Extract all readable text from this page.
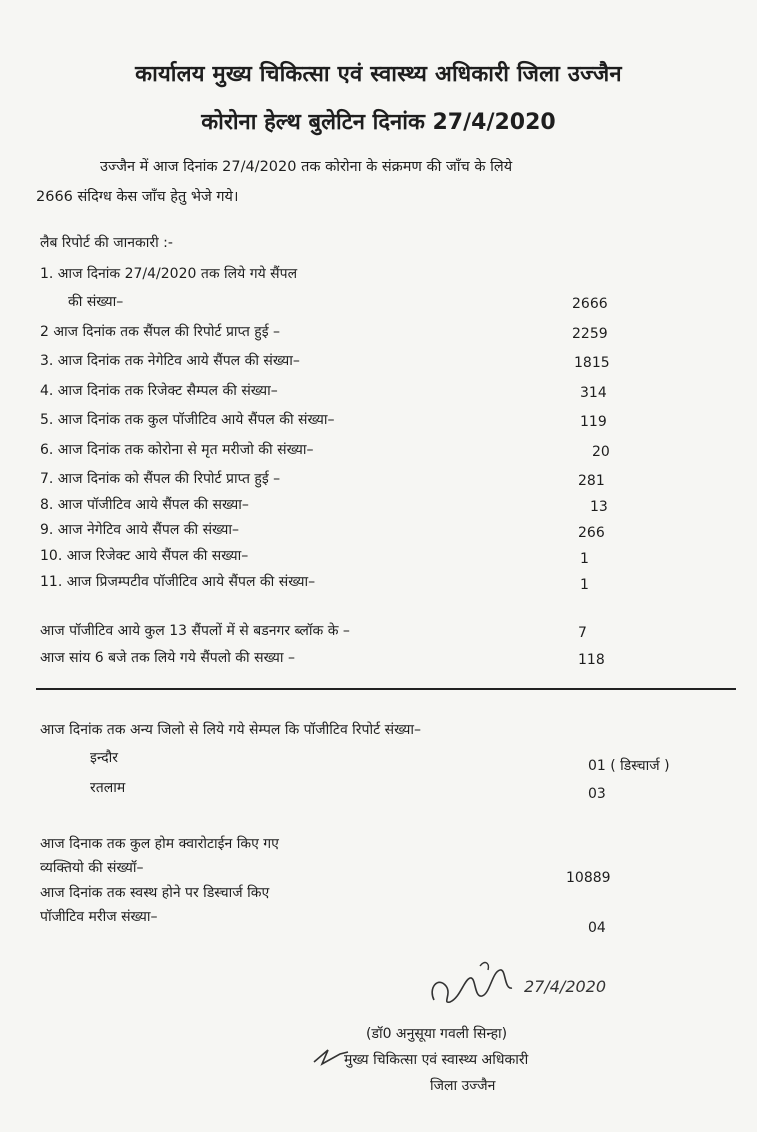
कार्यालय मुख्य चिकित्सा एवं स्वास्थ्य अधिकारी जिला उज्जैन
कोरोना हेल्थ बुलेटिन दिनांक 27/4/2020
उज्जैन में आज दिनांक 27/4/2020 तक कोरोना के संक्रमण की जाँच के लिये
2666 संदिग्ध केस जाँच हेतु भेजे गये।
लैब रिपोर्ट की जानकारी :-
1. आज दिनांक 27/4/2020 तक लिये गये सैंपल
की संख्या–	2666
2 आज दिनांक तक सैंपल की रिपोर्ट प्राप्त हुई –	2259
3. आज दिनांक तक नेगेटिव आये सैंपल की संख्या–	1815
4. आज दिनांक तक रिजेक्ट सैम्पल की संख्या–	314
5. आज दिनांक तक कुल पॉजीटिव आये सैंपल की संख्या–	119
6. आज दिनांक तक कोरोना से मृत मरीजो की संख्या–	20
7. आज दिनांक को सैंपल की रिपोर्ट प्राप्त हुई –	281
8. आज पॉजीटिव आये सैंपल की सख्या–	13
9. आज नेगेटिव आये सैंपल की संख्या–	266
10. आज रिजेक्ट आये सैंपल की सख्या–	1
11. आज प्रिजम्पटीव पॉजीटिव आये सैंपल की संख्या–	1
आज पॉजीटिव आये कुल 13 सैंपलों में से बडनगर ब्लॉक के –	7
आज सांय 6 बजे तक लिये गये सैंपलो की सख्या –	118
आज दिनांक तक अन्य जिलो से लिये गये सेम्पल कि पॉजीटिव रिपोर्ट संख्या–
इन्दौर	01 ( डिस्चार्ज )
रतलाम	03
आज दिनाक तक कुल होम क्वारोटाईन किए गए
व्यक्तियो की संख्यॉ–
10889
आज दिनांक तक स्वस्थ होने पर डिस्चार्ज किए
पॉजीटिव मरीज संख्या–
04
27/4/2020
(डॉ0 अनुसूया गवली सिन्हा)
मुख्य चिकित्सा एवं स्वास्थ्य अधिकारी
जिला उज्जैन
